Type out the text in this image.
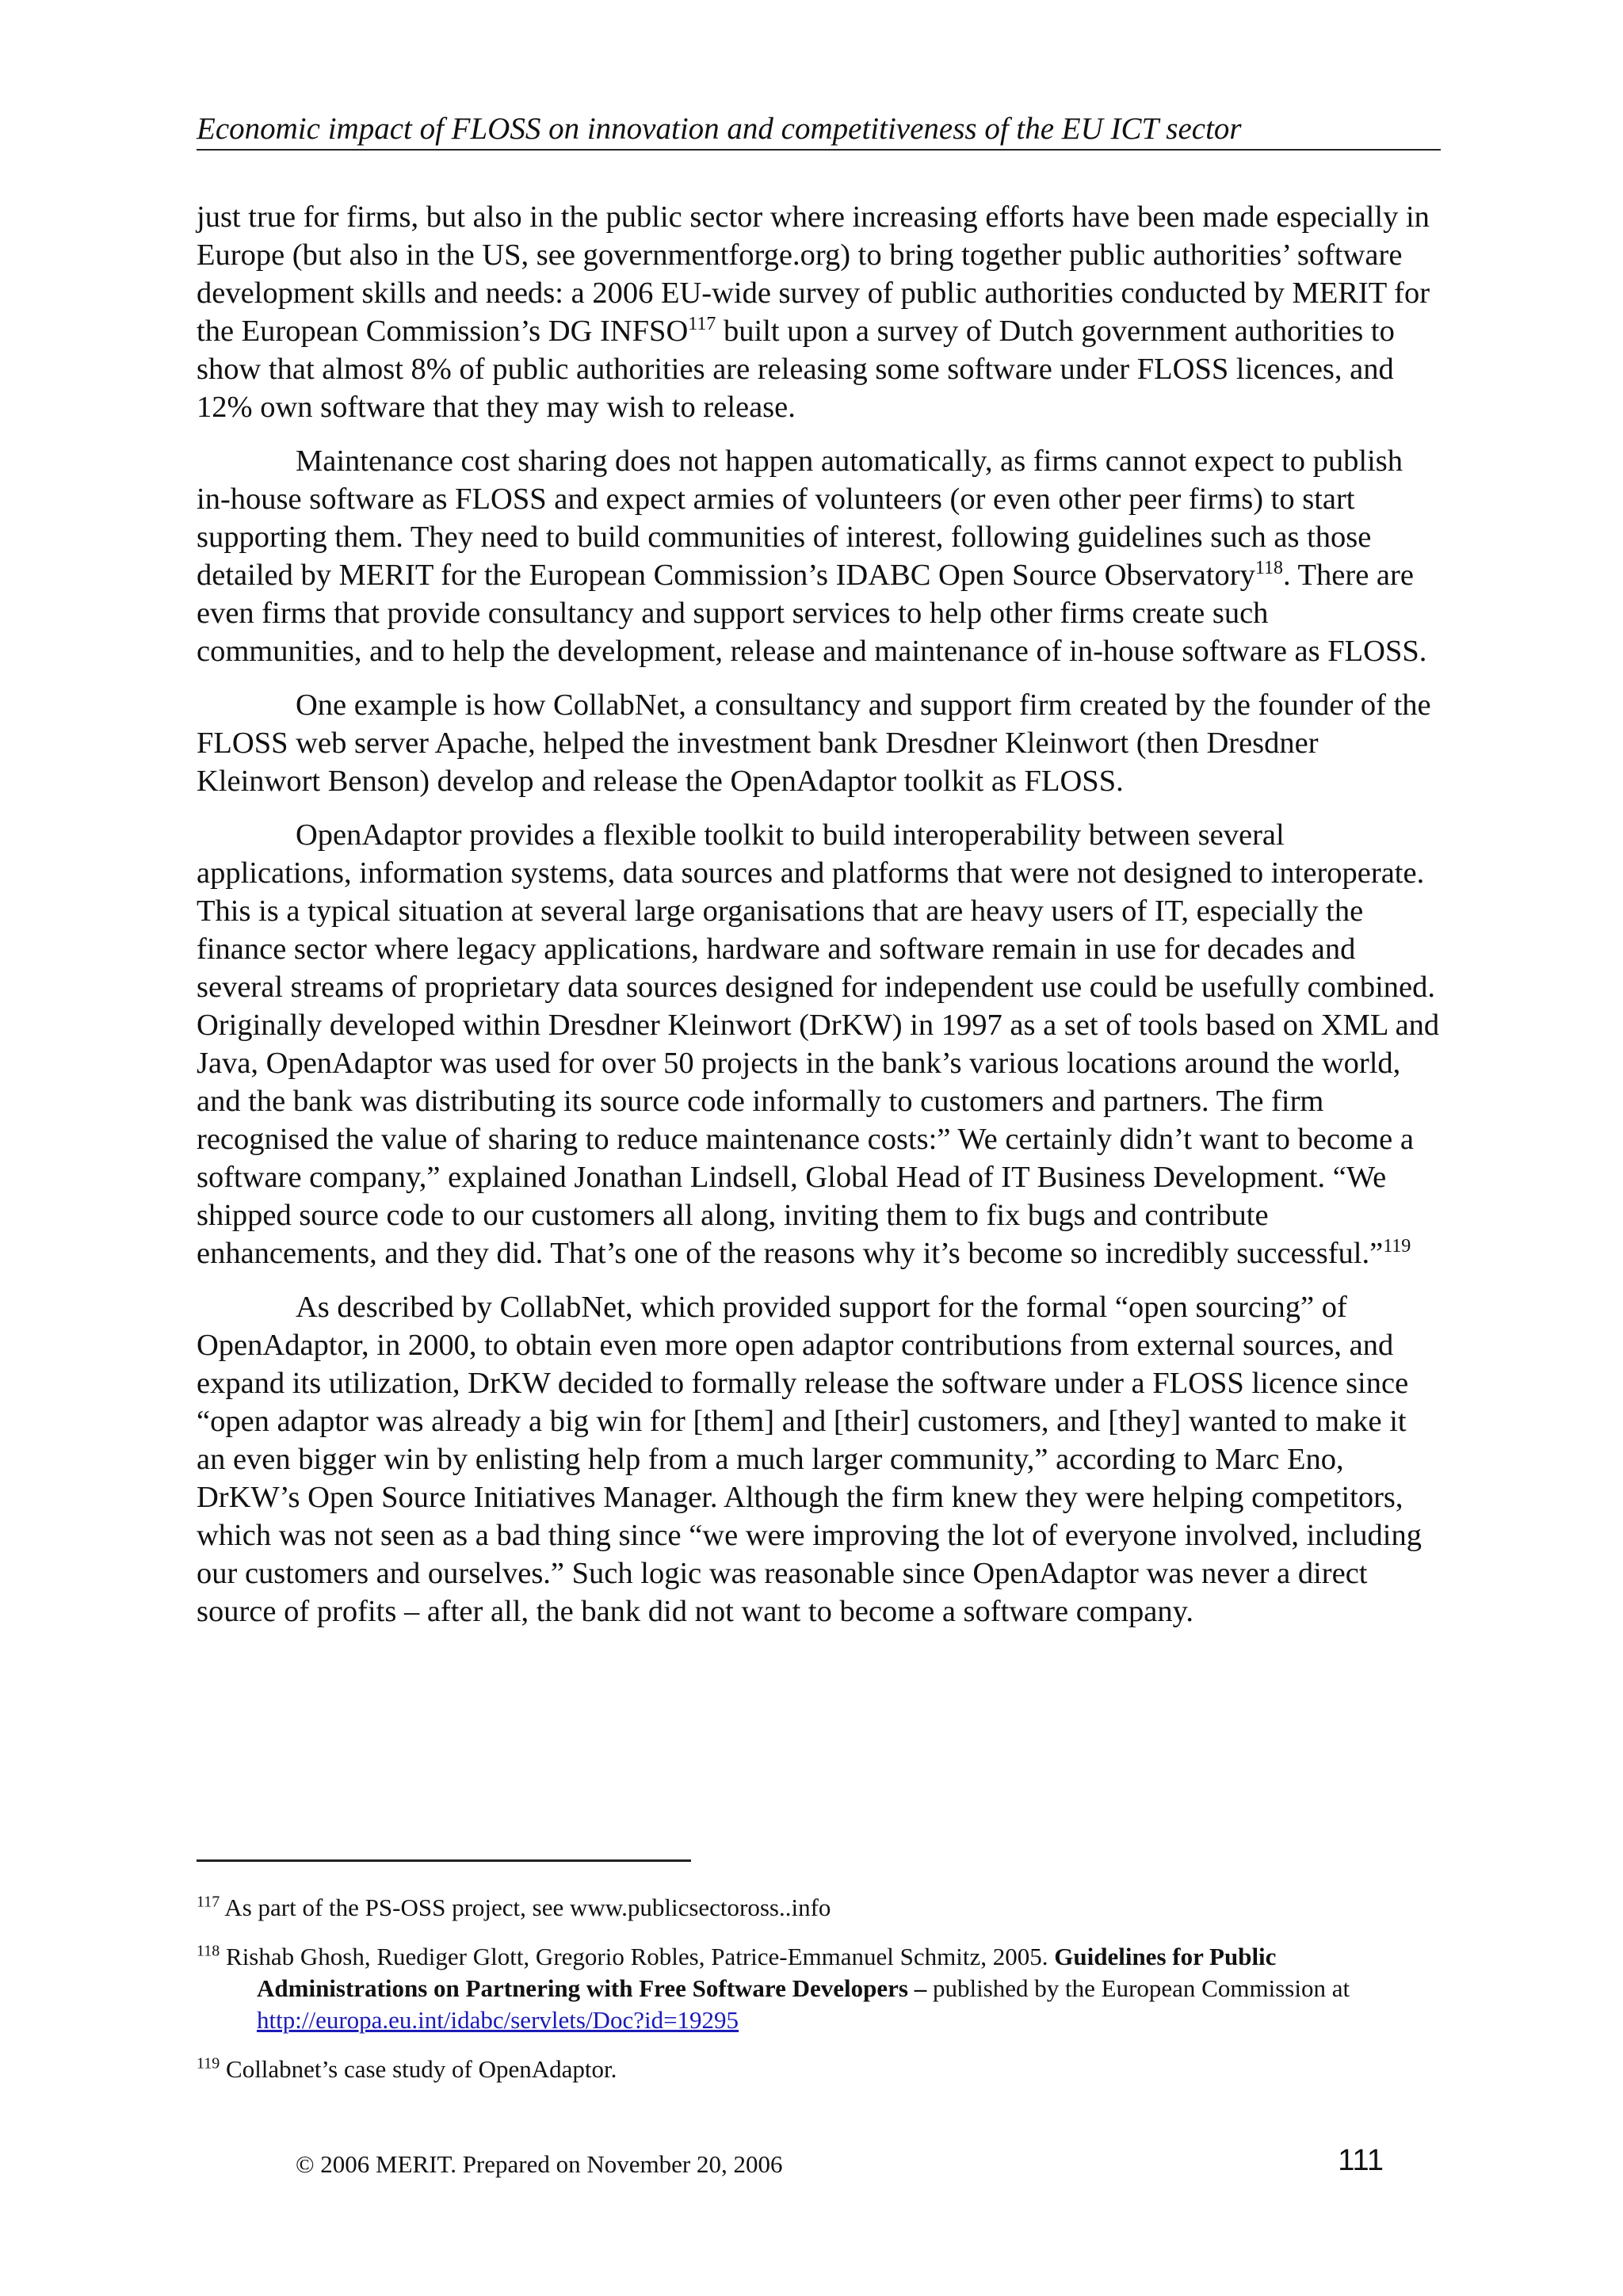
Economic impact of FLOSS on innovation and competitiveness of the EU ICT sector

just true for firms, but also in the public sector where increasing efforts have been made especially in Europe (but also in the US, see governmentforge.org) to bring together public authorities’ software development skills and needs: a 2006 EU-wide survey of public authorities conducted by MERIT for the European Commission’s DG INFSO$^{117}$ built upon a survey of Dutch government authorities to show that almost 8% of public authorities are releasing some software under FLOSS licences, and 12% own software that they may wish to release.

Maintenance cost sharing does not happen automatically, as firms cannot expect to publish in-house software as FLOSS and expect armies of volunteers (or even other peer firms) to start supporting them. They need to build communities of interest, following guidelines such as those detailed by MERIT for the European Commission’s IDABC Open Source Observatory$^{118}$. There are even firms that provide consultancy and support services to help other firms create such communities, and to help the development, release and maintenance of in-house software as FLOSS.

One example is how CollabNet, a consultancy and support firm created by the founder of the FLOSS web server Apache, helped the investment bank Dresdner Kleinwort (then Dresdner Kleinwort Benson) develop and release the OpenAdaptor toolkit as FLOSS.

OpenAdaptor provides a flexible toolkit to build interoperability between several applications, information systems, data sources and platforms that were not designed to interoperate. This is a typical situation at several large organisations that are heavy users of IT, especially the finance sector where legacy applications, hardware and software remain in use for decades and several streams of proprietary data sources designed for independent use could be usefully combined. Originally developed within Dresdner Kleinwort (DrKW) in 1997 as a set of tools based on XML and Java, OpenAdaptor was used for over 50 projects in the bank’s various locations around the world, and the bank was distributing its source code informally to customers and partners. The firm recognised the value of sharing to reduce maintenance costs:” We certainly didn’t want to become a software company,” explained Jonathan Lindsell, Global Head of IT Business Development. “We shipped source code to our customers all along, inviting them to fix bugs and contribute enhancements, and they did. That’s one of the reasons why it’s become so incredibly successful.”$^{119}$

As described by CollabNet, which provided support for the formal “open sourcing” of OpenAdaptor, in 2000, to obtain even more open adaptor contributions from external sources, and expand its utilization, DrKW decided to formally release the software under a FLOSS licence since “open adaptor was already a big win for [them] and [their] customers, and [they] wanted to make it an even bigger win by enlisting help from a much larger community,” according to Marc Eno, DrKW’s Open Source Initiatives Manager. Although the firm knew they were helping competitors, which was not seen as a bad thing since “we were improving the lot of everyone involved, including our customers and ourselves.” Such logic was reasonable since OpenAdaptor was never a direct source of profits – after all, the bank did not want to become a software company.

$^{117}$ As part of the PS-OSS project, see www.publicsectoross..info

$^{118}$ Rishab Ghosh, Ruediger Glott, Gregorio Robles, Patrice-Emmanuel Schmitz, 2005. Guidelines for Public Administrations on Partnering with Free Software Developers – published by the European Commission at http://europa.eu.int/idabc/servlets/Doc?id=19295

$^{119}$ Collabnet’s case study of OpenAdaptor.

© 2006 MERIT. Prepared on November 20, 2006	111
